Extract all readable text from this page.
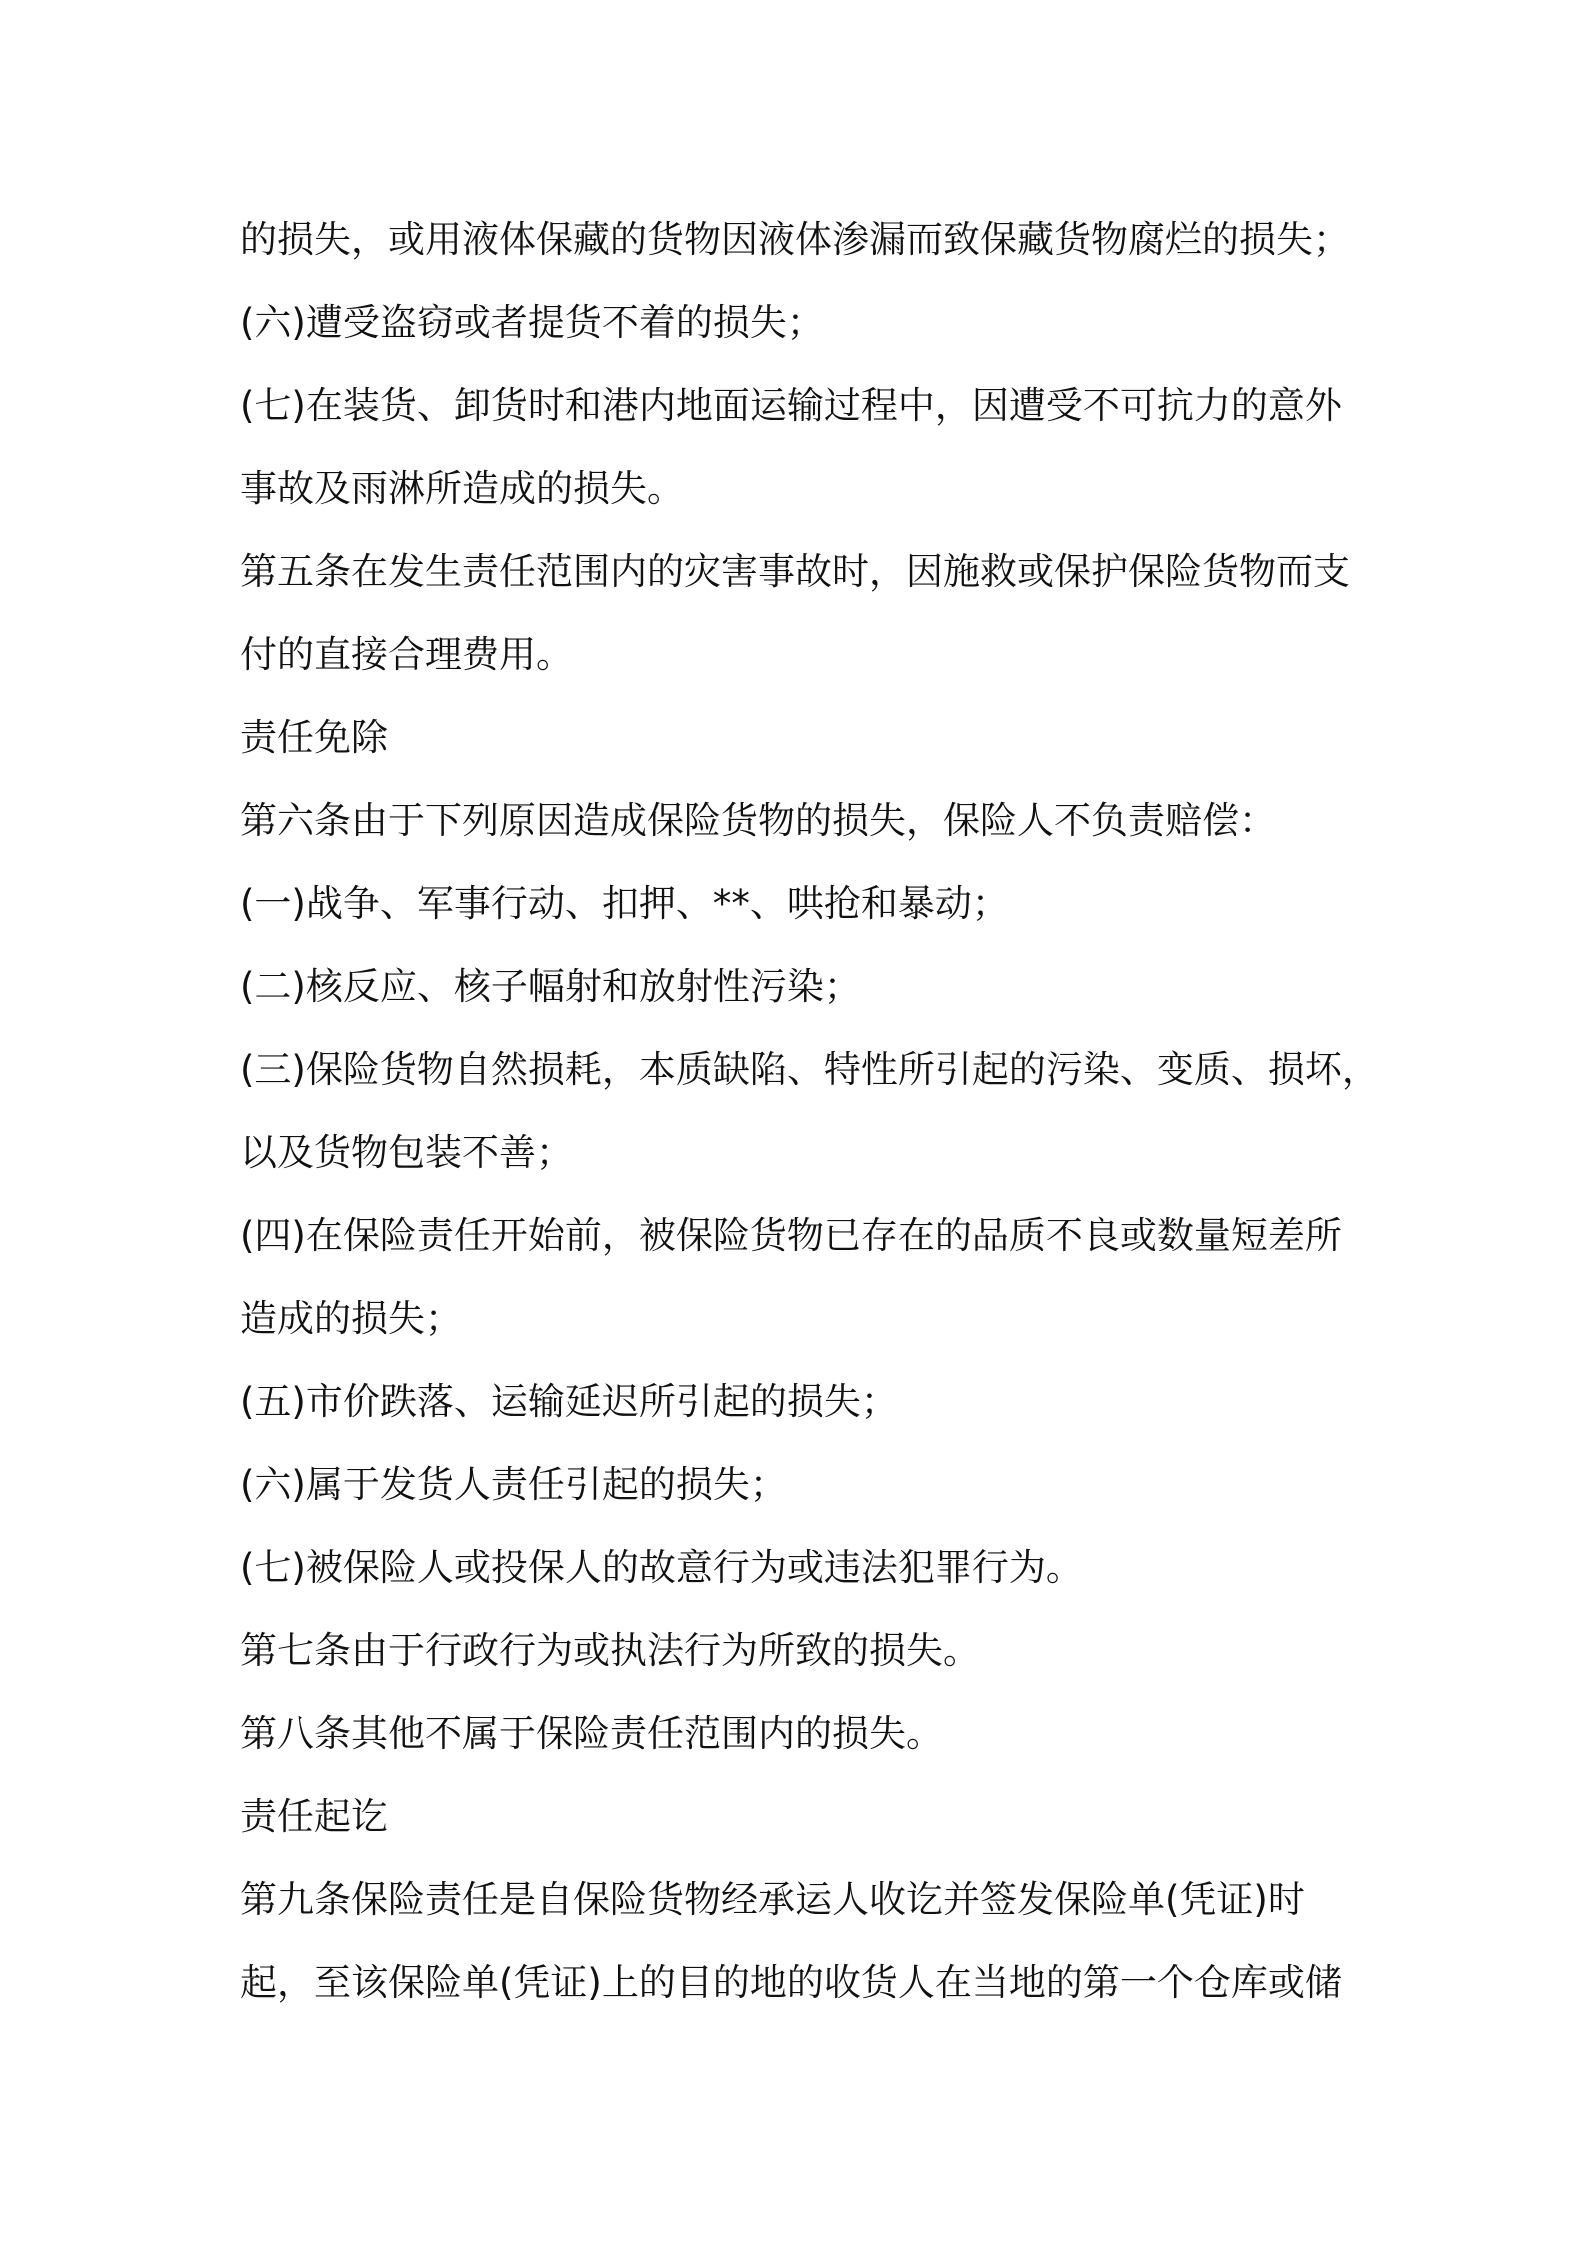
的损失，或用液体保藏的货物因液体渗漏而致保藏货物腐烂的损失；
(六)遭受盗窃或者提货不着的损失；
(七)在装货、卸货时和港内地面运输过程中，因遭受不可抗力的意外
事故及雨淋所造成的损失。
第五条在发生责任范围内的灾害事故时，因施救或保护保险货物而支
付的直接合理费用。
责任免除
第六条由于下列原因造成保险货物的损失，保险人不负责赔偿：
(一)战争、军事行动、扣押、**、哄抢和暴动；
(二)核反应、核子幅射和放射性污染；
(三)保险货物自然损耗，本质缺陷、特性所引起的污染、变质、损坏，
以及货物包装不善；
(四)在保险责任开始前，被保险货物已存在的品质不良或数量短差所
造成的损失；
(五)市价跌落、运输延迟所引起的损失；
(六)属于发货人责任引起的损失；
(七)被保险人或投保人的故意行为或违法犯罪行为。
第七条由于行政行为或执法行为所致的损失。
第八条其他不属于保险责任范围内的损失。
责任起讫
第九条保险责任是自保险货物经承运人收讫并签发保险单(凭证)时
起，至该保险单(凭证)上的目的地的收货人在当地的第一个仓库或储
